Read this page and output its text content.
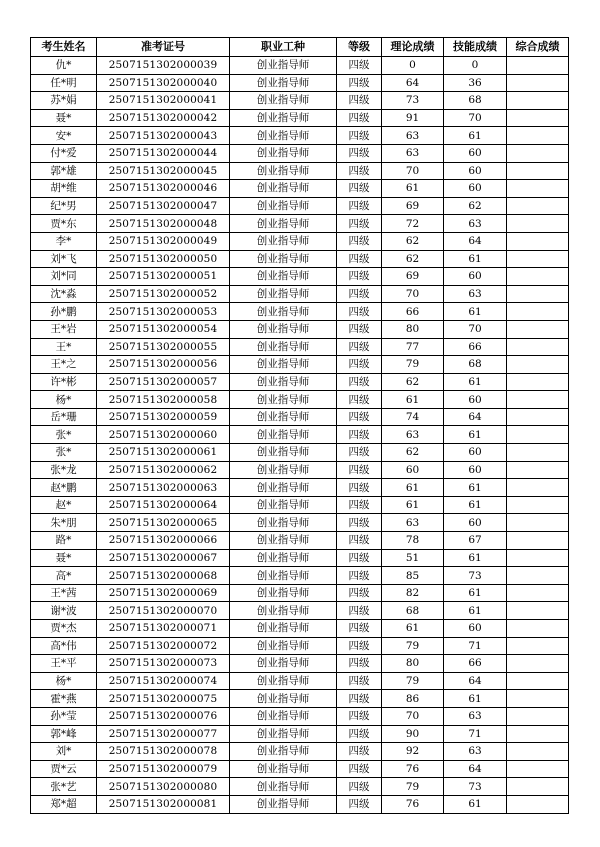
考生姓名	准考证号	职业工种	等级	理论成绩	技能成绩	综合成绩
仇*	2507151302000039	创业指导师	四级	0	0	
任*明	2507151302000040	创业指导师	四级	64	36	
苏*娟	2507151302000041	创业指导师	四级	73	68	
聂*	2507151302000042	创业指导师	四级	91	70	
安*	2507151302000043	创业指导师	四级	63	61	
付*爱	2507151302000044	创业指导师	四级	63	60	
郭*雄	2507151302000045	创业指导师	四级	70	60	
胡*维	2507151302000046	创业指导师	四级	61	60	
纪*男	2507151302000047	创业指导师	四级	69	62	
贾*东	2507151302000048	创业指导师	四级	72	63	
李*	2507151302000049	创业指导师	四级	62	64	
刘*飞	2507151302000050	创业指导师	四级	62	61	
刘*同	2507151302000051	创业指导师	四级	69	60	
沈*淼	2507151302000052	创业指导师	四级	70	63	
孙*鹏	2507151302000053	创业指导师	四级	66	61	
王*岩	2507151302000054	创业指导师	四级	80	70	
王*	2507151302000055	创业指导师	四级	77	66	
王*之	2507151302000056	创业指导师	四级	79	68	
许*彬	2507151302000057	创业指导师	四级	62	61	
杨*	2507151302000058	创业指导师	四级	61	60	
岳*珊	2507151302000059	创业指导师	四级	74	64	
张*	2507151302000060	创业指导师	四级	63	61	
张*	2507151302000061	创业指导师	四级	62	60	
张*龙	2507151302000062	创业指导师	四级	60	60	
赵*鹏	2507151302000063	创业指导师	四级	61	61	
赵*	2507151302000064	创业指导师	四级	61	61	
朱*朋	2507151302000065	创业指导师	四级	63	60	
路*	2507151302000066	创业指导师	四级	78	67	
聂*	2507151302000067	创业指导师	四级	51	61	
高*	2507151302000068	创业指导师	四级	85	73	
王*茜	2507151302000069	创业指导师	四级	82	61	
谢*波	2507151302000070	创业指导师	四级	68	61	
贾*杰	2507151302000071	创业指导师	四级	61	60	
高*伟	2507151302000072	创业指导师	四级	79	71	
王*平	2507151302000073	创业指导师	四级	80	66	
杨*	2507151302000074	创业指导师	四级	79	64	
霍*燕	2507151302000075	创业指导师	四级	86	61	
孙*莹	2507151302000076	创业指导师	四级	70	63	
郭*峰	2507151302000077	创业指导师	四级	90	71	
刘*	2507151302000078	创业指导师	四级	92	63	
贾*云	2507151302000079	创业指导师	四级	76	64	
张*艺	2507151302000080	创业指导师	四级	79	73	
郑*超	2507151302000081	创业指导师	四级	76	61	
